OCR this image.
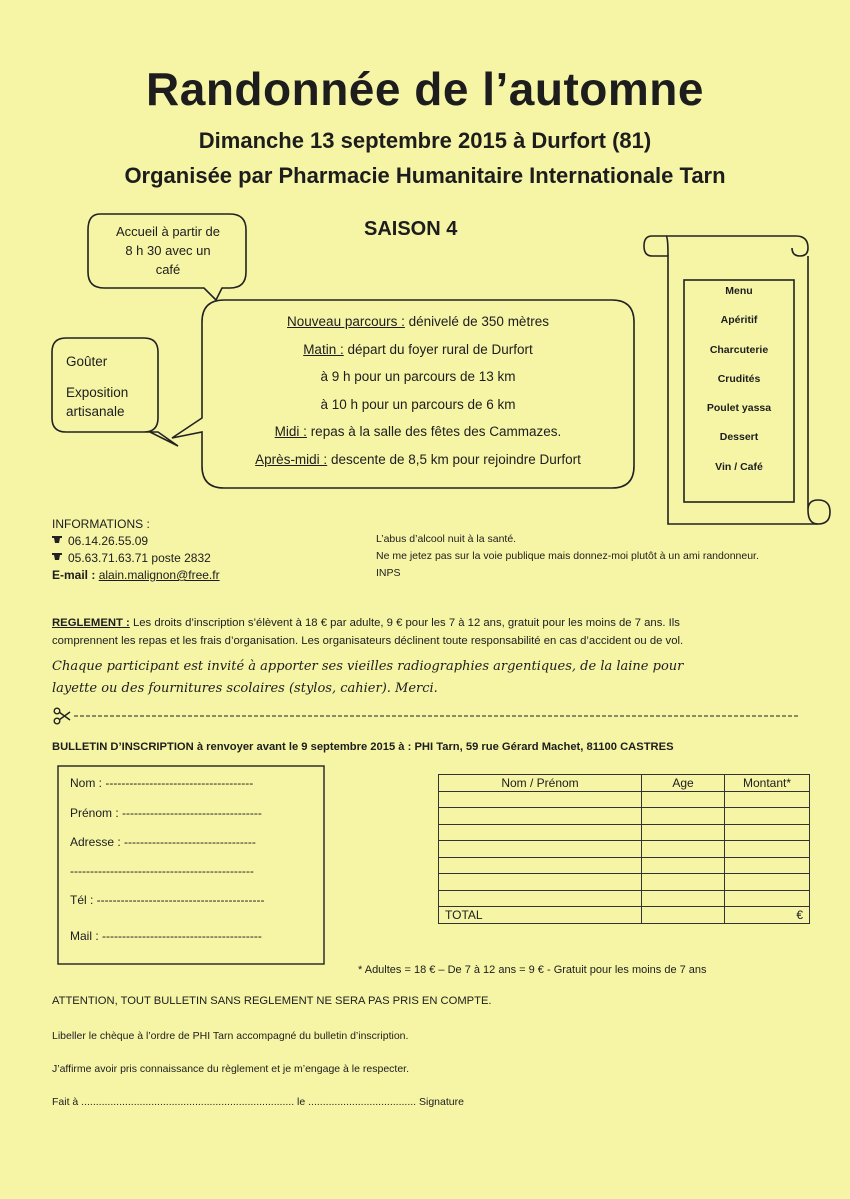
Randonnée de l’automne
Dimanche 13 septembre 2015 à Durfort (81)
Organisée par Pharmacie Humanitaire Internationale Tarn
SAISON 4
Accueil à partir de
8 h 30 avec un
café
Goûter
Exposition
artisanale

Nouveau parcours : dénivelé de 350 mètres

Matin : départ du foyer rural de Durfort

à 9 h pour un parcours de 13 km

à 10 h pour un parcours de 6 km

Midi : repas à la salle des fêtes des Cammazes.

Après-midi : descente de 8,5 km pour rejoindre Durfort

Menu
Apéritif
Charcuterie
Crudités
Poulet yassa
Dessert
Vin / Café
INFORMATIONS :
06.14.26.55.09
05.63.71.63.71 poste 2832
E-mail : alain.malignon@free.fr
L’abus d’alcool nuit à la santé.
Ne me jetez pas sur la voie publique mais donnez-moi plutôt à un ami randonneur.
INPS
REGLEMENT : Les droits d’inscription s’élèvent à 18 € par adulte, 9 € pour les 7 à 12 ans, gratuit pour les moins de 7 ans. Ils
comprennent les repas et les frais d’organisation. Les organisateurs déclinent toute responsabilité en cas d’accident ou de vol.
Chaque participant est invité à apporter ses vieilles radiographies argentiques, de la laine pour
layette ou des fournitures scolaires (stylos, cahier). Merci.
BULLETIN D’INSCRIPTION à renvoyer avant le 9 septembre 2015 à : PHI Tarn, 59 rue Gérard Machet, 81100 CASTRES
Nom : -------------------------------------
Prénom : -----------------------------------
Adresse : ---------------------------------
----------------------------------------------
Tél : ------------------------------------------
Mail : ----------------------------------------
Nom / Prénom	Age	Montant*

TOTAL		€
* Adultes = 18 € – De 7 à 12 ans = 9 € - Gratuit pour les moins de 7 ans
ATTENTION, TOUT BULLETIN SANS REGLEMENT NE SERA PAS PRIS EN COMPTE.
Libeller le chèque à l’ordre de PHI Tarn accompagné du bulletin d’inscription.
J’affirme avoir pris connaissance du règlement et je m’engage à le respecter.
Fait à ......................................................................... le ..................................... Signature
